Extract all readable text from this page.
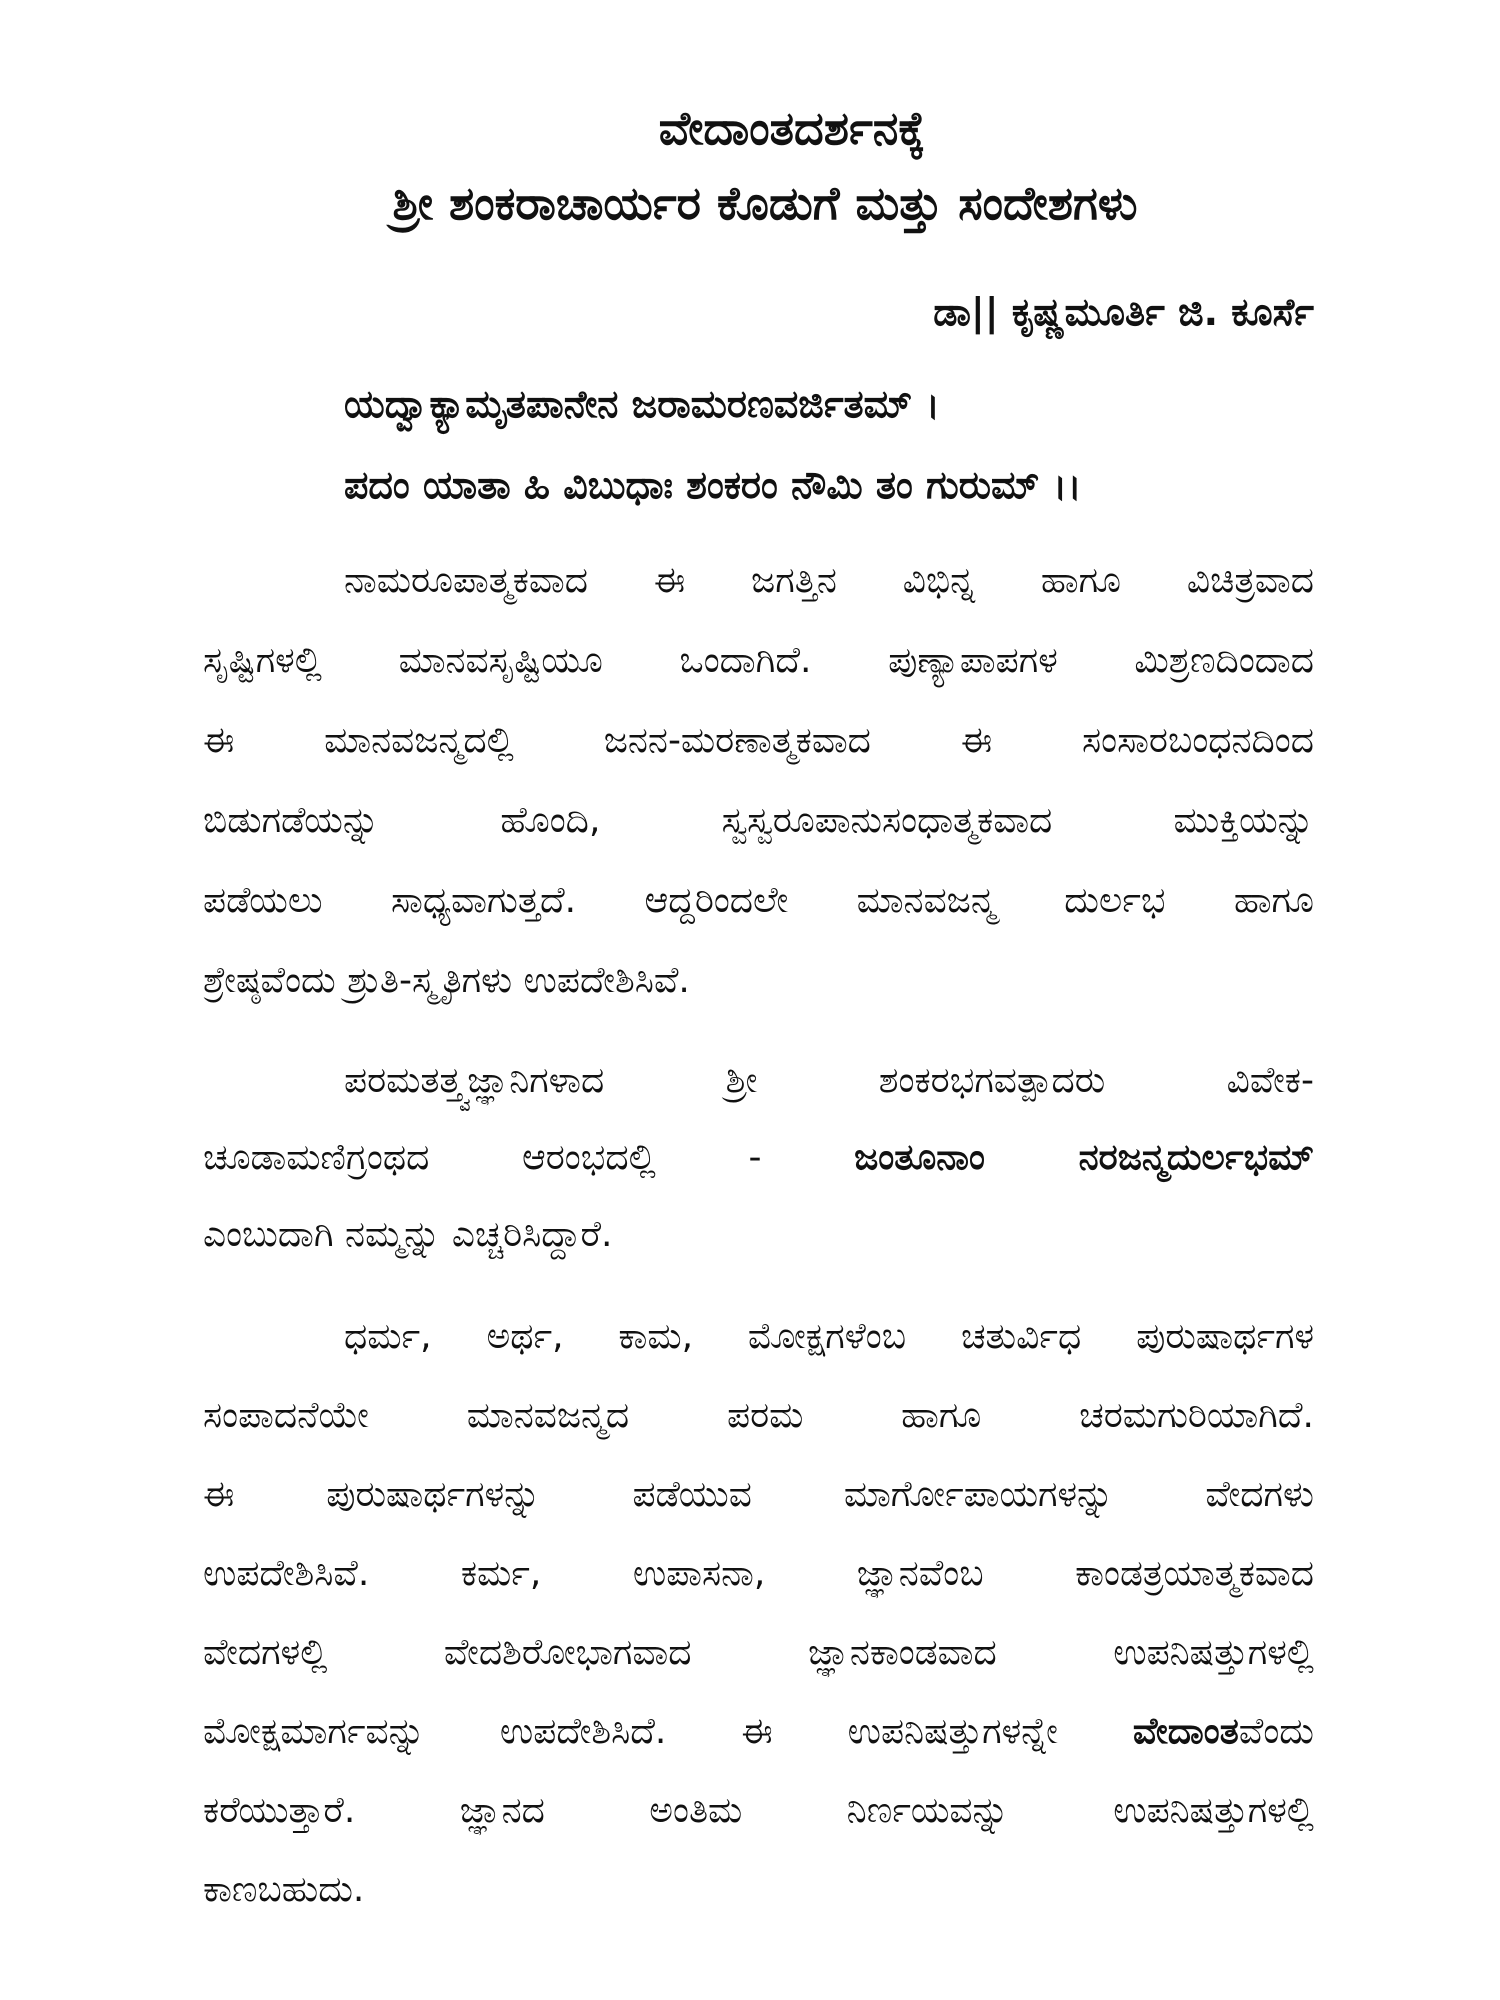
ವೇದಾಂತದರ್ಶನಕ್ಕೆ
ಶ್ರೀ ಶಂಕರಾಚಾರ್ಯರ ಕೊಡುಗೆ ಮತ್ತು ಸಂದೇಶಗಳು
ಡಾ|| ಕೃಷ್ಣಮೂರ್ತಿ ಜಿ. ಕೂರ್ಸೆ
ಯದ್ವಾಕ್ಯಾಮೃತಪಾನೇನ ಜರಾಮರಣವರ್ಜಿತಮ್ ।
ಪದಂ ಯಾತಾ ಹಿ ವಿಬುಧಾಃ ಶಂಕರಂ ನೌಮಿ ತಂ ಗುರುಮ್ ।।
ನಾಮರೂಪಾತ್ಮಕವಾದ ಈ ಜಗತ್ತಿನ ವಿಭಿನ್ನ ಹಾಗೂ ವಿಚಿತ್ರವಾದ
ಸೃಷ್ಟಿಗಳಲ್ಲಿ ಮಾನವಸೃಷ್ಟಿಯೂ ಒಂದಾಗಿದೆ. ಪುಣ್ಯಾಪಾಪಗಳ ಮಿಶ್ರಣದಿಂದಾದ
ಈ ಮಾನವಜನ್ಮದಲ್ಲಿ ಜನನ-ಮರಣಾತ್ಮಕವಾದ ಈ ಸಂಸಾರಬಂಧನದಿಂದ
ಬಿಡುಗಡೆಯನ್ನು ಹೊಂದಿ, ಸ್ವಸ್ವರೂಪಾನುಸಂಧಾತ್ಮಕವಾದ ಮುಕ್ತಿಯನ್ನು
ಪಡೆಯಲು ಸಾಧ್ಯವಾಗುತ್ತದೆ. ಆದ್ದರಿಂದಲೇ ಮಾನವಜನ್ಮ ದುರ್ಲಭ ಹಾಗೂ
ಶ್ರೇಷ್ಠವೆಂದು ಶ್ರುತಿ-ಸ್ಮೃತಿಗಳು ಉಪದೇಶಿಸಿವೆ.
ಪರಮತತ್ತ್ವಜ್ಞಾನಿಗಳಾದ ಶ್ರೀ ಶಂಕರಭಗವತ್ಪಾದರು ವಿವೇಕ-
ಚೂಡಾಮಣಿಗ್ರಂಥದ ಆರಂಭದಲ್ಲಿ - ಜಂತೂನಾಂ ನರಜನ್ಮದುರ್ಲಭಮ್
ಎಂಬುದಾಗಿ ನಮ್ಮನ್ನು ಎಚ್ಚರಿಸಿದ್ದಾರೆ.
ಧರ್ಮ, ಅರ್ಥ, ಕಾಮ, ಮೋಕ್ಷಗಳೆಂಬ ಚತುರ್ವಿಧ ಪುರುಷಾರ್ಥಗಳ
ಸಂಪಾದನೆಯೇ ಮಾನವಜನ್ಮದ ಪರಮ ಹಾಗೂ ಚರಮಗುರಿಯಾಗಿದೆ.
ಈ ಪುರುಷಾರ್ಥಗಳನ್ನು ಪಡೆಯುವ ಮಾರ್ಗೋಪಾಯಗಳನ್ನು ವೇದಗಳು
ಉಪದೇಶಿಸಿವೆ. ಕರ್ಮ, ಉಪಾಸನಾ, ಜ್ಞಾನವೆಂಬ ಕಾಂಡತ್ರಯಾತ್ಮಕವಾದ
ವೇದಗಳಲ್ಲಿ ವೇದಶಿರೋಭಾಗವಾದ ಜ್ಞಾನಕಾಂಡವಾದ ಉಪನಿಷತ್ತುಗಳಲ್ಲಿ
ಮೋಕ್ಷಮಾರ್ಗವನ್ನು ಉಪದೇಶಿಸಿದೆ. ಈ ಉಪನಿಷತ್ತುಗಳನ್ನೇ ವೇದಾಂತವೆಂದು
ಕರೆಯುತ್ತಾರೆ. ಜ್ಞಾನದ ಅಂತಿಮ ನಿರ್ಣಯವನ್ನು ಉಪನಿಷತ್ತುಗಳಲ್ಲಿ
ಕಾಣಬಹುದು.
